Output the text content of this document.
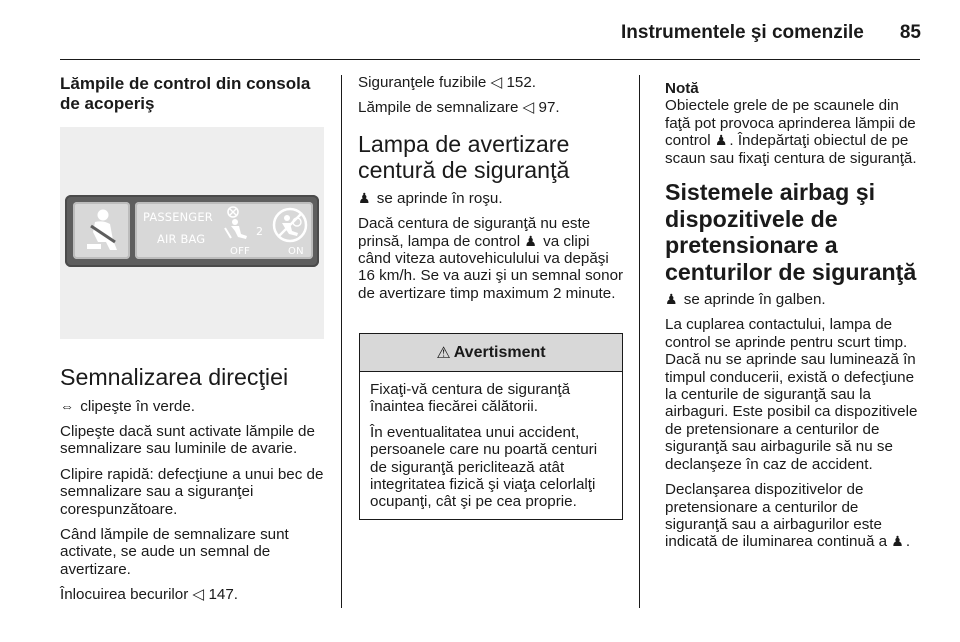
Instrumentele şi comenzile 85

Lămpile de control din consola de acoperiş

PASSENGER
AIR BAG
OFF	ON
2
Semnalizarea direcţiei

⇔ clipeşte în verde.

Clipeşte dacă sunt activate lămpile de semnalizare sau luminile de avarie.

Clipire rapidă: defecţiune a unui bec de semnalizare sau a siguranţei corespunzătoare.

Când lămpile de semnalizare sunt activate, se aude un semnal de avertizare.

Înlocuirea becurilor ◁ 147.

Siguranţele fuzibile ◁ 152.

Lămpile de semnalizare ◁ 97.

Lampa de avertizare centură de siguranţă

♟ se aprinde în roşu.

Dacă centura de siguranţă nu este prinsă, lampa de control ♟ va clipi când viteza autovehiculului va depăşi 16 km/h. Se va auzi şi un semnal sonor de avertizare timp maximum 2 minute.

⚠ Avertisment

Fixaţi-vă centura de siguranţă înaintea fiecărei călătorii.

În eventualitatea unui accident, persoanele care nu poartă centuri de siguranţă periclitează atât integritatea fizică şi viaţa celorlalţi ocupanţi, cât şi pe cea proprie.

Notă

Obiectele grele de pe scaunele din faţă pot provoca aprinderea lămpii de control ♟ . Îndepărtaţi obiectul de pe scaun sau fixaţi centura de siguranţă.

Sistemele airbag şi dispozitivele de pretensionare a centurilor de siguranţă

♟ se aprinde în galben.

La cuplarea contactului, lampa de control se aprinde pentru scurt timp. Dacă nu se aprinde sau luminează în timpul conducerii, există o defecţiune la centurile de siguranţă sau la airbaguri. Este posibil ca dispozitivele de pretensionare a centurilor de siguranţă sau airbagurile să nu se declanşeze în caz de accident.

Declanşarea dispozitivelor de pretensionare a centurilor de siguranţă sau a airbagurilor este indicată de iluminarea continuă a ♟ .
